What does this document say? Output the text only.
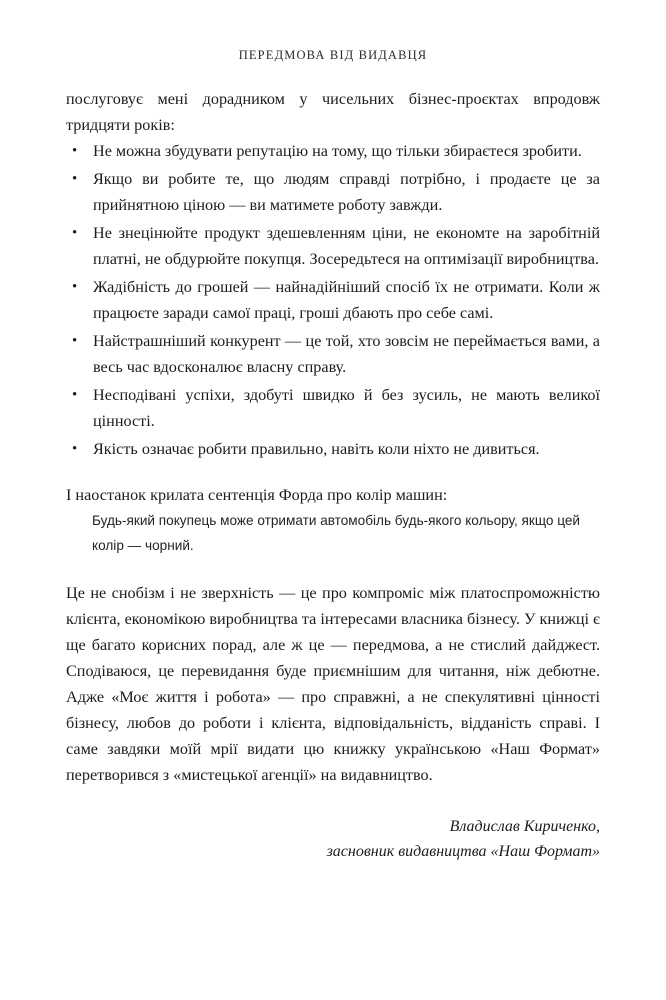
ПЕРЕДМОВА ВІД ВИДАВЦЯ

послуговує мені дорадником у чисельних бізнес-проєктах впродовж тридцяти років:

• Не можна збудувати репутацію на тому, що тільки збираєтеся зробити.
• Якщо ви робите те, що людям справді потрібно, і продаєте це за прийнятною ціною — ви матимете роботу завжди.
• Не знецінюйте продукт здешевленням ціни, не економте на заробітній платні, не обдурюйте покупця. Зосередьтеся на оптимізації виробництва.
• Жадібність до грошей — найнадійніший спосіб їх не отримати. Коли ж працюєте заради самої праці, гроші дбають про себе самі.
• Найстрашніший конкурент — це той, хто зовсім не переймається вами, а весь час вдосконалює власну справу.
• Несподівані успіхи, здобуті швидко й без зусиль, не мають великої цінності.
• Якість означає робити правильно, навіть коли ніхто не дивиться.

І наостанок крилата сентенція Форда про колір машин:

Будь-який покупець може отримати автомобіль будь-якого кольору, якщо цей колір — чорний.

Це не снобізм і не зверхність — це про компроміс між платоспроможністю клієнта, економікою виробництва та інтересами власника бізнесу. У книжці є ще багато корисних порад, але ж це — передмова, а не стислий дайджест. Сподіваюся, це перевидання буде приємнішим для читання, ніж дебютне. Адже «Моє життя і робота» — про справжні, а не спекулятивні цінності бізнесу, любов до роботи і клієнта, відповідальність, відданість справі. І саме завдяки моїй мрії видати цю книжку українською «Наш Формат» перетворився з «мистецької агенції» на видавництво.

Владислав Кириченко,
засновник видавництва «Наш Формат»
